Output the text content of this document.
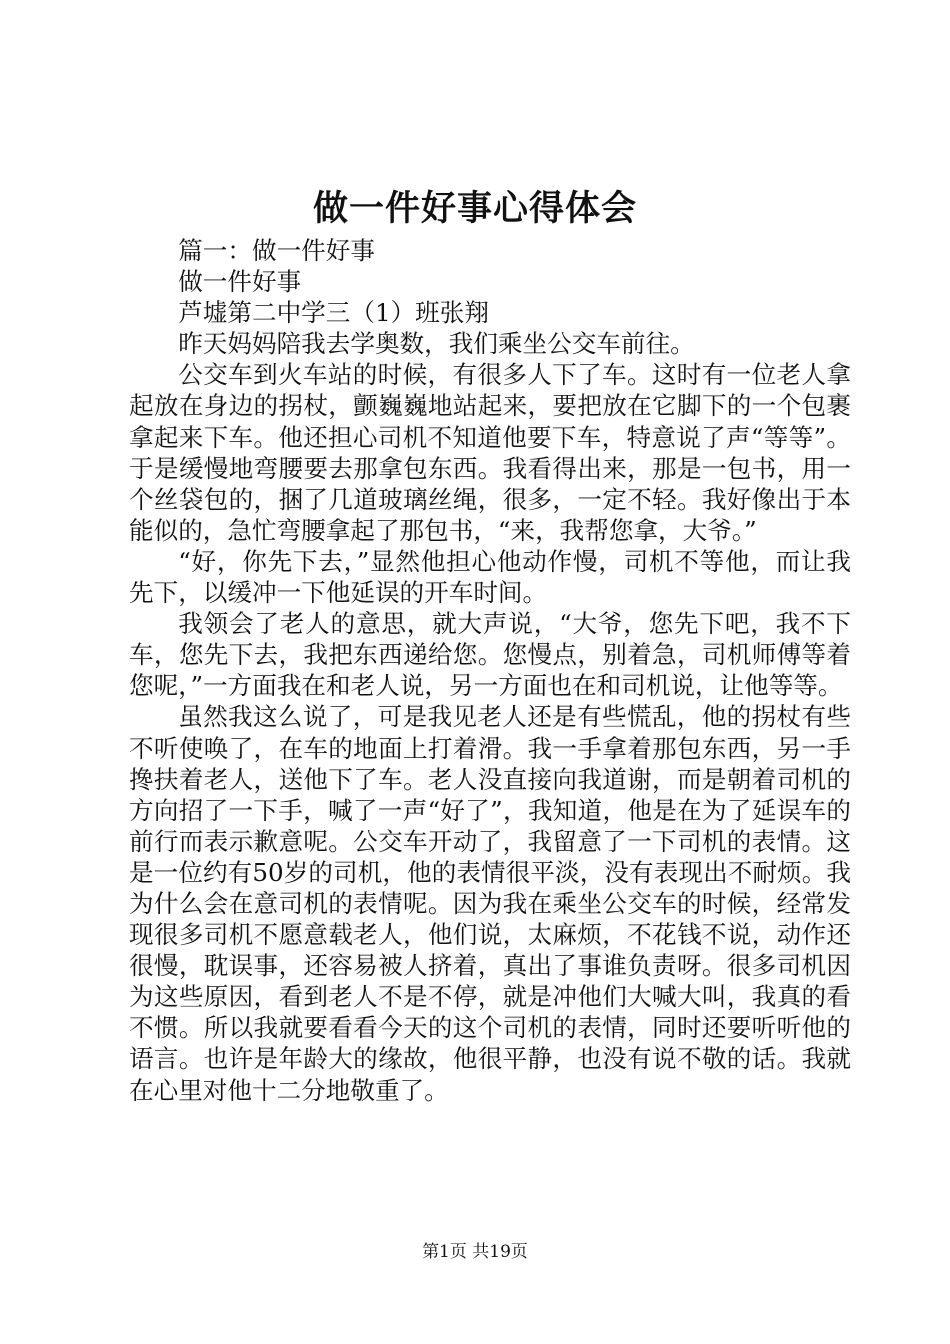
做一件好事心得体会

篇一：做一件好事

做一件好事

芦墟第二中学三（1）班张翔

昨天妈妈陪我去学奥数，我们乘坐公交车前往。

公交车到火车站的时候，有很多人下了车。这时有一位老人拿起放在身边的拐杖，颤巍巍地站起来，要把放在它脚下的一个包裹拿起来下车。他还担心司机不知道他要下车，特意说了声“等等”。于是缓慢地弯腰要去那拿包东西。我看得出来，那是一包书，用一个丝袋包的，捆了几道玻璃丝绳，很多，一定不轻。我好像出于本能似的，急忙弯腰拿起了那包书，“来，我帮您拿，大爷。”

“好，你先下去，”显然他担心他动作慢，司机不等他，而让我先下，以缓冲一下他延误的开车时间。

我领会了老人的意思，就大声说，“大爷，您先下吧，我不下车，您先下去，我把东西递给您。您慢点，别着急，司机师傅等着您呢，”一方面我在和老人说，另一方面也在和司机说，让他等等。

虽然我这么说了，可是我见老人还是有些慌乱，他的拐杖有些不听使唤了，在车的地面上打着滑。我一手拿着那包东西，另一手搀扶着老人，送他下了车。老人没直接向我道谢，而是朝着司机的方向招了一下手，喊了一声“好了”，我知道，他是在为了延误车的前行而表示歉意呢。公交车开动了，我留意了一下司机的表情。这是一位约有50岁的司机，他的表情很平淡，没有表现出不耐烦。我为什么会在意司机的表情呢。因为我在乘坐公交车的时候，经常发现很多司机不愿意载老人，他们说，太麻烦，不花钱不说，动作还很慢，耽误事，还容易被人挤着，真出了事谁负责呀。很多司机因为这些原因，看到老人不是不停，就是冲他们大喊大叫，我真的看不惯。所以我就要看看今天的这个司机的表情，同时还要听听他的语言。也许是年龄大的缘故，他很平静，也没有说不敬的话。我就在心里对他十二分地敬重了。

第1页 共19页
